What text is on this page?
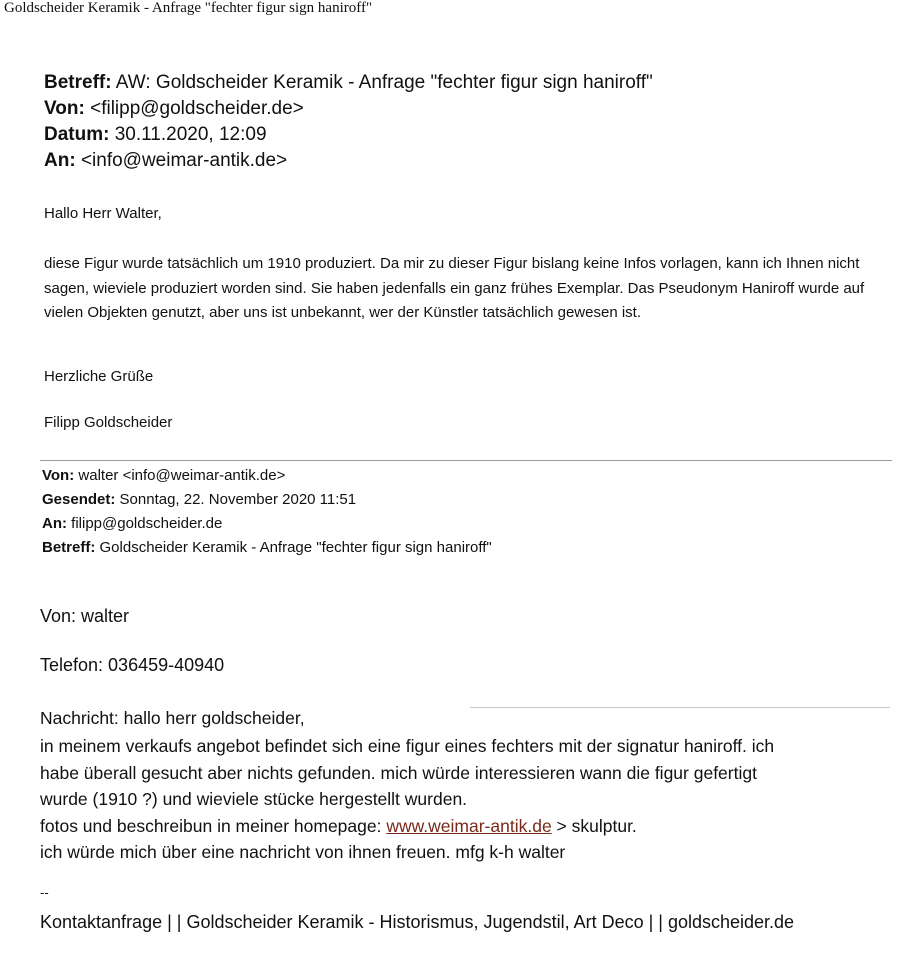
Goldscheider Keramik - Anfrage "fechter figur sign haniroff"
Betreff: AW: Goldscheider Keramik - Anfrage "fechter figur sign haniroff"
Von: <filipp@goldscheider.de>
Datum: 30.11.2020, 12:09
An: <info@weimar-antik.de>
Hallo Herr Walter,
diese Figur wurde tatsächlich um 1910 produziert. Da mir zu dieser Figur bislang keine Infos vorlagen, kann ich Ihnen nicht sagen, wieviele produziert worden sind. Sie haben jedenfalls ein ganz frühes Exemplar. Das Pseudonym Haniroff wurde auf vielen Objekten genutzt, aber uns ist unbekannt, wer der Künstler tatsächlich gewesen ist.
Herzliche Grüße
Filipp Goldscheider
Von: walter <info@weimar-antik.de>
Gesendet: Sonntag, 22. November 2020 11:51
An: filipp@goldscheider.de
Betreff: Goldscheider Keramik - Anfrage "fechter figur sign haniroff"
Von: walter
Telefon: 036459-40940
Nachricht: hallo herr goldscheider,
in meinem verkaufs angebot befindet sich eine figur eines fechters mit der signatur haniroff. ich
habe überall gesucht aber nichts gefunden. mich würde interessieren wann die figur gefertigt
wurde (1910 ?) und wieviele stücke hergestellt wurden.
fotos und beschreibun in meiner homepage: www.weimar-antik.de > skulptur.
ich würde mich über eine nachricht von ihnen freuen. mfg k-h walter
--
Kontaktanfrage | | Goldscheider Keramik - Historismus, Jugendstil, Art Deco | | goldscheider.de
